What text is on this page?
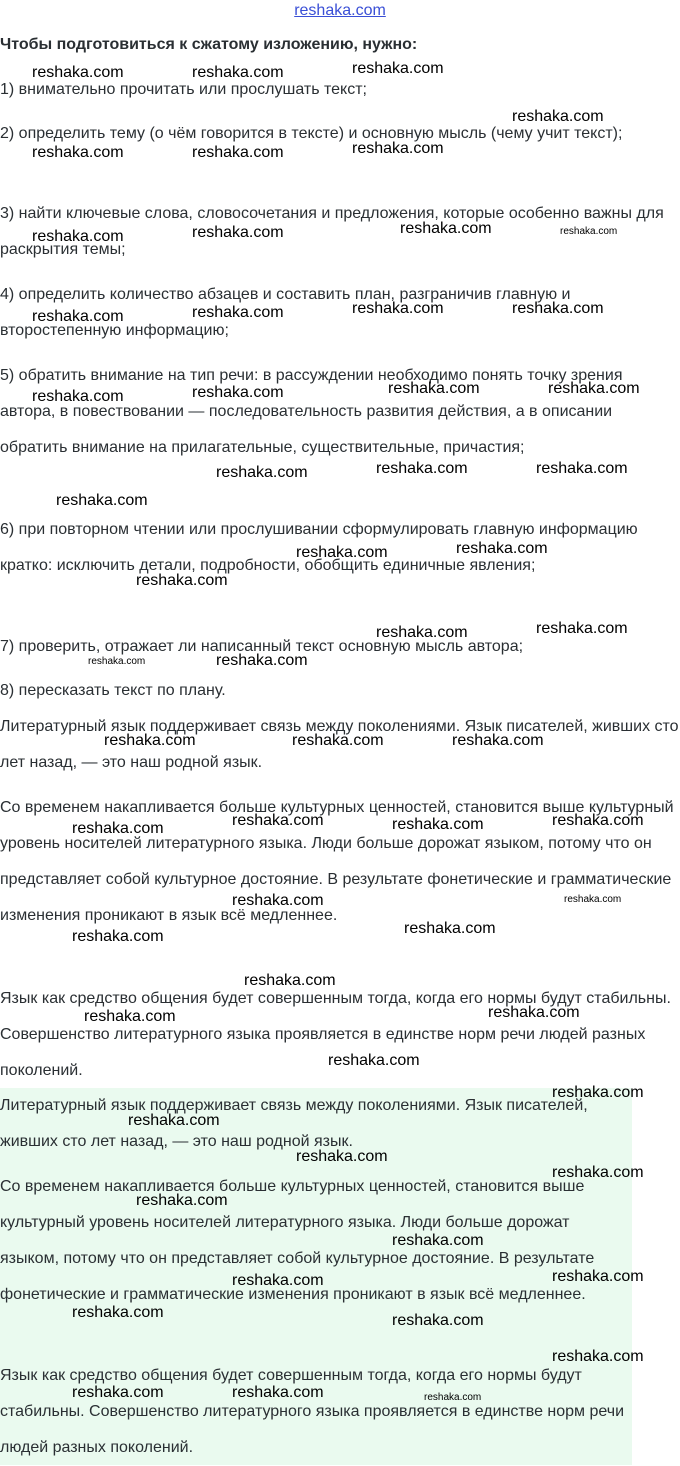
reshaka.com
Чтобы подготовиться к сжатому изложению, нужно:
1) внимательно прочитать или прослушать текст;
2) определить тему (о чём говорится в тексте) и основную мысль (чему учит текст);
3) найти ключевые слова, словосочетания и предложения, которые особенно важны для раскрытия темы;
4) определить количество абзацев и составить план, разграничив главную и второстепенную информацию;
5) обратить внимание на тип речи: в рассуждении необходимо понять точку зрения автора, в повествовании — последовательность развития действия, а в описании обратить внимание на прилагательные, существительные, причастия;
6) при повторном чтении или прослушивании сформулировать главную информацию кратко: исключить детали, подробности, обобщить единичные явления;
7) проверить, отражает ли написанный текст основную мысль автора;
8) пересказать текст по плану.
Литературный язык поддерживает связь между поколениями. Язык писателей, живших сто лет назад, — это наш родной язык.
Со временем накапливается больше культурных ценностей, становится выше культурный уровень носителей литературного языка. Люди больше дорожат языком, потому что он представляет собой культурное достояние. В результате фонетические и грамматические изменения проникают в язык всё медленнее.
Язык как средство общения будет совершенным тогда, когда его нормы будут стабильны. Совершенство литературного языка проявляется в единстве норм речи людей разных поколений.
Литературный язык поддерживает связь между поколениями. Язык писателей, живших сто лет назад, — это наш родной язык.
Со временем накапливается больше культурных ценностей, становится выше культурный уровень носителей литературного языка. Люди больше дорожат языком, потому что он представляет собой культурное достояние. В результате фонетические и грамматические изменения проникают в язык всё медленнее.
Язык как средство общения будет совершенным тогда, когда его нормы будут стабильны. Совершенство литературного языка проявляется в единстве норм речи людей разных поколений.
reshaka.com	reshaka.com	reshaka.com
reshaka.com
reshaka.com	reshaka.com	reshaka.com
reshaka.com	reshaka.com	reshaka.com	reshaka.com
reshaka.com	reshaka.com	reshaka.com	reshaka.com
reshaka.com	reshaka.com	reshaka.com	reshaka.com
reshaka.com	reshaka.com	reshaka.com
reshaka.com
reshaka.com	reshaka.com
reshaka.com
reshaka.com	reshaka.com
reshaka.com	reshaka.com
reshaka.com	reshaka.com	reshaka.com
reshaka.com	reshaka.com	reshaka.com	reshaka.com
reshaka.com	reshaka.com
reshaka.com	reshaka.com
reshaka.com
reshaka.com	reshaka.com
reshaka.com
reshaka.com
reshaka.com
reshaka.com
reshaka.com
reshaka.com
reshaka.com
reshaka.com	reshaka.com
reshaka.com	reshaka.com
reshaka.com
reshaka.com	reshaka.com	reshaka.com
